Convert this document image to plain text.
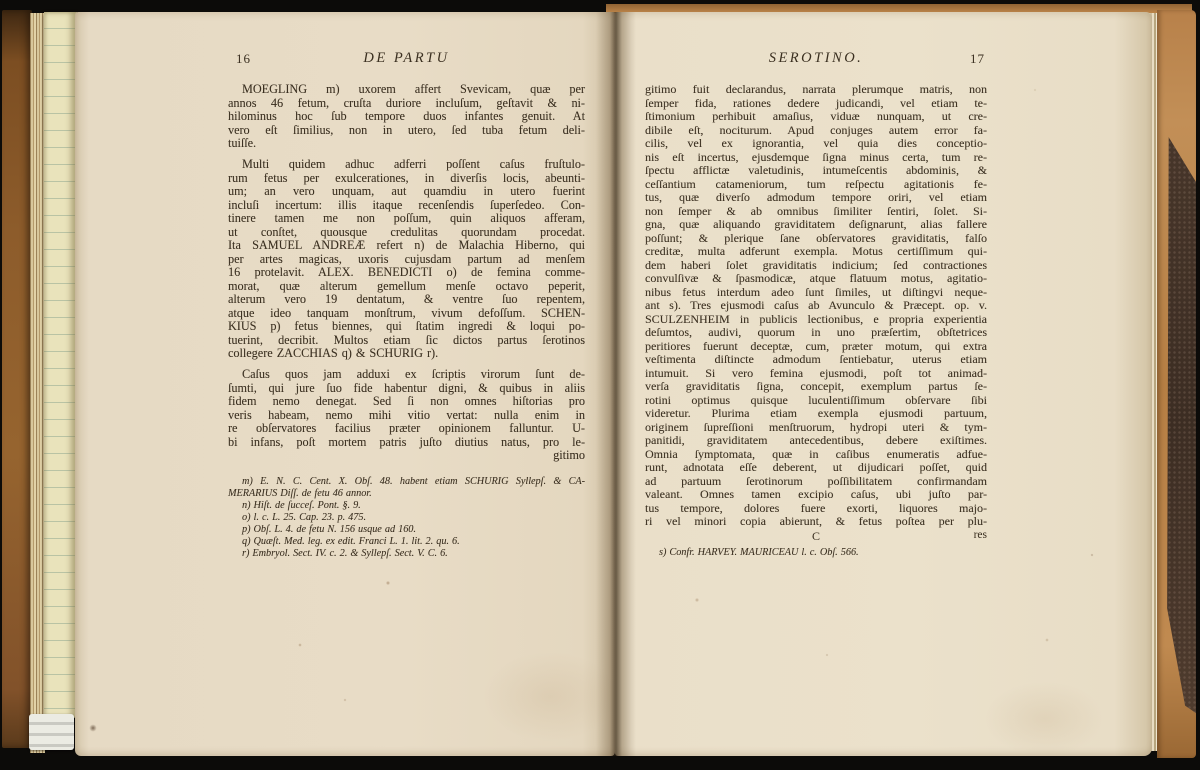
16	DE PARTU
MOEGLING m) uxorem affert Svevicam, quæ per
annos 46 fetum, cruſta duriore incluſum, geſtavit & ni-
hilominus hoc ſub tempore duos infantes genuit. At
vero eſt ſimilius, non in utero, ſed tuba fetum deli-
tuiſſe.
Multi quidem adhuc adferri poſſent caſus fruſtulo-
rum fetus per exulcerationes, in diverſis locis, abeunti-
um; an vero unquam, aut quamdiu in utero fuerint
incluſi incertum: illis itaque recenſendis ſuperſedeo. Con-
tinere tamen me non poſſum, quin aliquos afferam,
ut conſtet, quousque credulitas quorundam procedat.
Ita SAMUEL ANDREÆ refert n) de Malachia Hiberno, qui
per artes magicas, uxoris cujusdam partum ad menſem
16 protelavit. ALEX. BENEDICTI o) de femina comme-
morat, quæ alterum gemellum menſe octavo peperit,
alterum vero 19 dentatum, & ventre ſuo repentem,
atque ideo tanquam monſtrum, vivum defoſſum. SCHEN-
KIUS p) fetus biennes, qui ſtatim ingredi & loqui po-
tuerint, decribit. Multos etiam ſic dictos partus ſerotinos
collegere ZACCHIAS q) & SCHURIG r).
Caſus quos jam adduxi ex ſcriptis virorum ſunt de-
ſumti, qui jure ſuo fide habentur digni, & quibus in aliis
fidem nemo denegat. Sed ſi non omnes hiſtorias pro
veris habeam, nemo mihi vitio vertat: nulla enim in
re obſervatores facilius præter opinionem falluntur. U-
bi infans, poſt mortem patris juſto diutius natus, pro le-
gitimo
m) E. N. C. Cent. X. Obſ. 48. habent etiam SCHURIG Syllepſ. & CA-
MERARIUS Diſſ. de fetu 46 annor.
n) Hiſt. de ſucceſ. Pont. §. 9.
o) l. c. L. 25. Cap. 23. p. 475.
p) Obſ. L. 4. de fetu N. 156 usque ad 160.
q) Quæſt. Med. leg. ex edit. Franci L. 1. lit. 2. qu. 6.
r) Embryol. Sect. IV. c. 2. & Syllepſ. Sect. V. C. 6.
SEROTINO.	17
gitimo fuit declarandus, narrata plerumque matris, non
ſemper fida, rationes dedere judicandi, vel etiam te-
ſtimonium perhibuit amaſius, viduæ nunquam, ut cre-
dibile eſt, nociturum. Apud conjuges autem error fa-
cilis, vel ex ignorantia, vel quia dies conceptio-
nis eſt incertus, ejusdemque ſigna minus certa, tum re-
ſpectu afflictæ valetudinis, intumeſcentis abdominis, &
ceſſantium catameniorum, tum reſpectu agitationis fe-
tus, quæ diverſo admodum tempore oriri, vel etiam
non ſemper & ab omnibus ſimiliter ſentiri, ſolet. Si-
gna, quæ aliquando graviditatem deſignarunt, alias fallere
poſſunt; & plerique ſane obſervatores graviditatis, falſo
creditæ, multa adferunt exempla. Motus certiſſimum qui-
dem haberi ſolet graviditatis indicium; ſed contractiones
convulſivæ & ſpasmodicæ, atque flatuum motus, agitatio-
nibus fetus interdum adeo ſunt ſimiles, ut diſtingvi neque-
ant s). Tres ejusmodi caſus ab Avunculo & Præcept. op. v.
SCULZENHEIM in publicis lectionibus, e propria experientia
deſumtos, audivi, quorum in uno præſertim, obſtetrices
peritiores fuerunt deceptæ, cum, præter motum, qui extra
veſtimenta diſtincte admodum ſentiebatur, uterus etiam
intumuit. Si vero femina ejusmodi, poſt tot animad-
verſa graviditatis ſigna, concepit, exemplum partus ſe-
rotini optimus quisque luculentiſſimum obſervare ſibi
videretur. Plurima etiam exempla ejusmodi partuum,
originem ſupreſſioni menſtruorum, hydropi uteri & tym-
panitidi, graviditatem antecedentibus, debere exiſtimes.
Omnia ſymptomata, quæ in caſibus enumeratis adfue-
runt, adnotata eſſe deberent, ut dijudicari poſſet, quid
ad partuum ſerotinorum poſſibilitatem confirmandam
valeant. Omnes tamen excipio caſus, ubi juſto par-
tus tempore, dolores fuere exorti, liquores majo-
ri vel minori copia abierunt, & fetus poſtea per plu-
C	res
s) Confr. HARVEY. MAURICEAU l. c. Obſ. 566.
